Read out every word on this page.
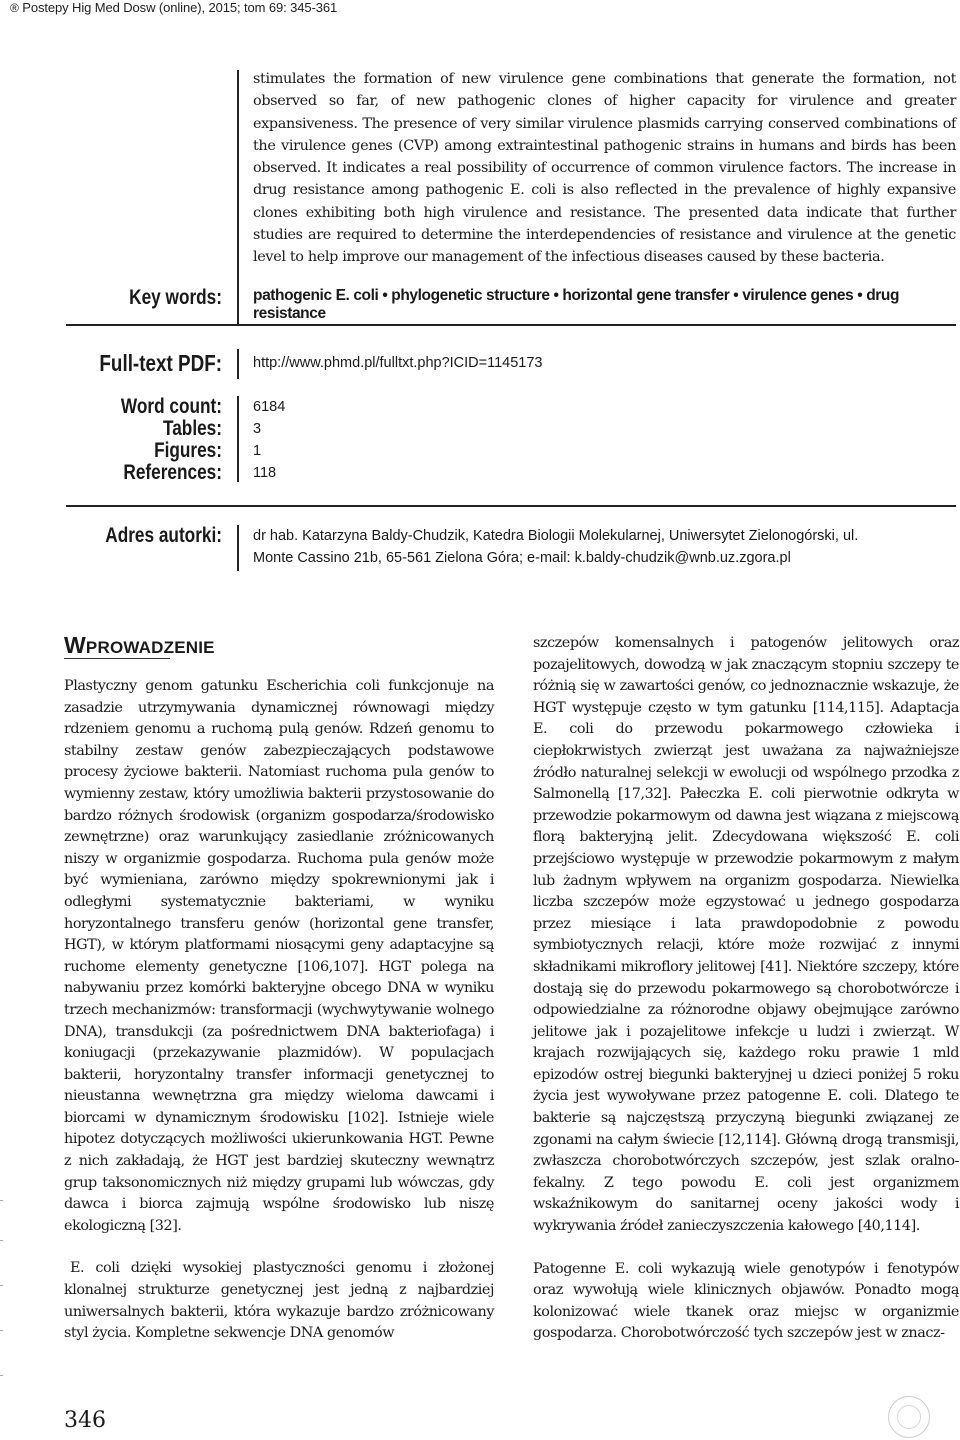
® Postepy Hig Med Dosw (online), 2015; tom 69: 345-361
stimulates the formation of new virulence gene combinations that generate the formation, not observed so far, of new pathogenic clones of higher capacity for virulence and greater expansiveness. The presence of very similar virulence plasmids carrying conserved combinations of the virulence genes (CVP) among extraintestinal pathogenic strains in humans and birds has been observed. It indicates a real possibility of occurrence of common virulence factors. The increase in drug resistance among pathogenic E. coli is also reflected in the prevalence of highly expansive clones exhibiting both high virulence and resistance. The presented data indicate that further studies are required to determine the interdependencies of resistance and virulence at the genetic level to help improve our management of the infectious diseases caused by these bacteria.
Key words: pathogenic E. coli • phylogenetic structure • horizontal gene transfer • virulence genes • drug resistance
Full-text PDF: http://www.phmd.pl/fulltxt.php?ICID=1145173
Word count: 6184
Tables: 3
Figures: 1
References: 118
Adres autorki: dr hab. Katarzyna Baldy-Chudzik, Katedra Biologii Molekularnej, Uniwersytet Zielonogórski, ul.
Monte Cassino 21b, 65-561 Zielona Góra; e-mail: k.baldy-chudzik@wnb.uz.zgora.pl
WPROWADZENIE

Plastyczny genom gatunku Escherichia coli funkcjonuje na zasadzie utrzymywania dynamicznej równowagi między rdzeniem genomu a ruchomą pulą genów. Rdzeń genomu to stabilny zestaw genów zabezpieczających podstawowe procesy życiowe bakterii. Natomiast ruchoma pula genów to wymienny zestaw, który umożliwia bakterii przystosowanie do bardzo różnych środowisk (organizm gospodarza/środowisko zewnętrzne) oraz warunkujący zasiedlanie zróżnicowanych niszy w organizmie gospodarza. Ruchoma pula genów może być wymieniana, zarówno między spokrewnionymi jak i odległymi systematycznie bakteriami, w wyniku horyzontalnego transferu genów (horizontal gene transfer, HGT), w którym platformami niosącymi geny adaptacyjne są ruchome elementy genetyczne [106,107]. HGT polega na nabywaniu przez komórki bakteryjne obcego DNA w wyniku trzech mechanizmów: transformacji (wychwytywanie wolnego DNA), transdukcji (za pośrednictwem DNA bakteriofaga) i koniugacji (przekazywanie plazmidów). W populacjach bakterii, horyzontalny transfer informacji genetycznej to nieustanna wewnętrzna gra między wieloma dawcami i biorcami w dynamicznym środowisku [102]. Istnieje wiele hipotez dotyczących możliwości ukierunkowania HGT. Pewne z nich zakładają, że HGT jest bardziej skuteczny wewnątrz grup taksonomicznych niż między grupami lub wówczas, gdy dawca i biorca zajmują wspólne środowisko lub niszę ekologiczną [32].

E. coli dzięki wysokiej plastyczności genomu i złożonej klonalnej strukturze genetycznej jest jedną z najbardziej uniwersalnych bakterii, która wykazuje bardzo zróżnicowany styl życia. Kompletne sekwencje DNA genomów

szczepów komensalnych i patogenów jelitowych oraz pozajelitowych, dowodzą w jak znaczącym stopniu szczepy te różnią się w zawartości genów, co jednoznacznie wskazuje, że HGT występuje często w tym gatunku [114,115]. Adaptacja E. coli do przewodu pokarmowego człowieka i ciepłokrwistych zwierząt jest uważana za najważniejsze źródło naturalnej selekcji w ewolucji od wspólnego przodka z Salmonellą [17,32]. Pałeczka E. coli pierwotnie odkryta w przewodzie pokarmowym od dawna jest wiązana z miejscową florą bakteryjną jelit. Zdecydowana większość E. coli przejściowo występuje w przewodzie pokarmowym z małym lub żadnym wpływem na organizm gospodarza. Niewielka liczba szczepów może egzystować u jednego gospodarza przez miesiące i lata prawdopodobnie z powodu symbiotycznych relacji, które może rozwijać z innymi składnikami mikroflory jelitowej [41]. Niektóre szczepy, które dostają się do przewodu pokarmowego są chorobotwórcze i odpowiedzialne za różnorodne objawy obejmujące zarówno jelitowe jak i pozajelitowe infekcje u ludzi i zwierząt. W krajach rozwijających się, każdego roku prawie 1 mld epizodów ostrej biegunki bakteryjnej u dzieci poniżej 5 roku życia jest wywoływane przez patogenne E. coli. Dlatego te bakterie są najczęstszą przyczyną biegunki związanej ze zgonami na całym świecie [12,114]. Główną drogą transmisji, zwłaszcza chorobotwórczych szczepów, jest szlak oralno-fekalny. Z tego powodu E. coli jest organizmem wskaźnikowym do sanitarnej oceny jakości wody i wykrywania źródeł zanieczyszczenia kałowego [40,114].

Patogenne E. coli wykazują wiele genotypów i fenotypów oraz wywołują wiele klinicznych objawów. Ponadto mogą kolonizować wiele tkanek oraz miejsc w organizmie gospodarza. Chorobotwórczość tych szczepów jest w znacz-

346
